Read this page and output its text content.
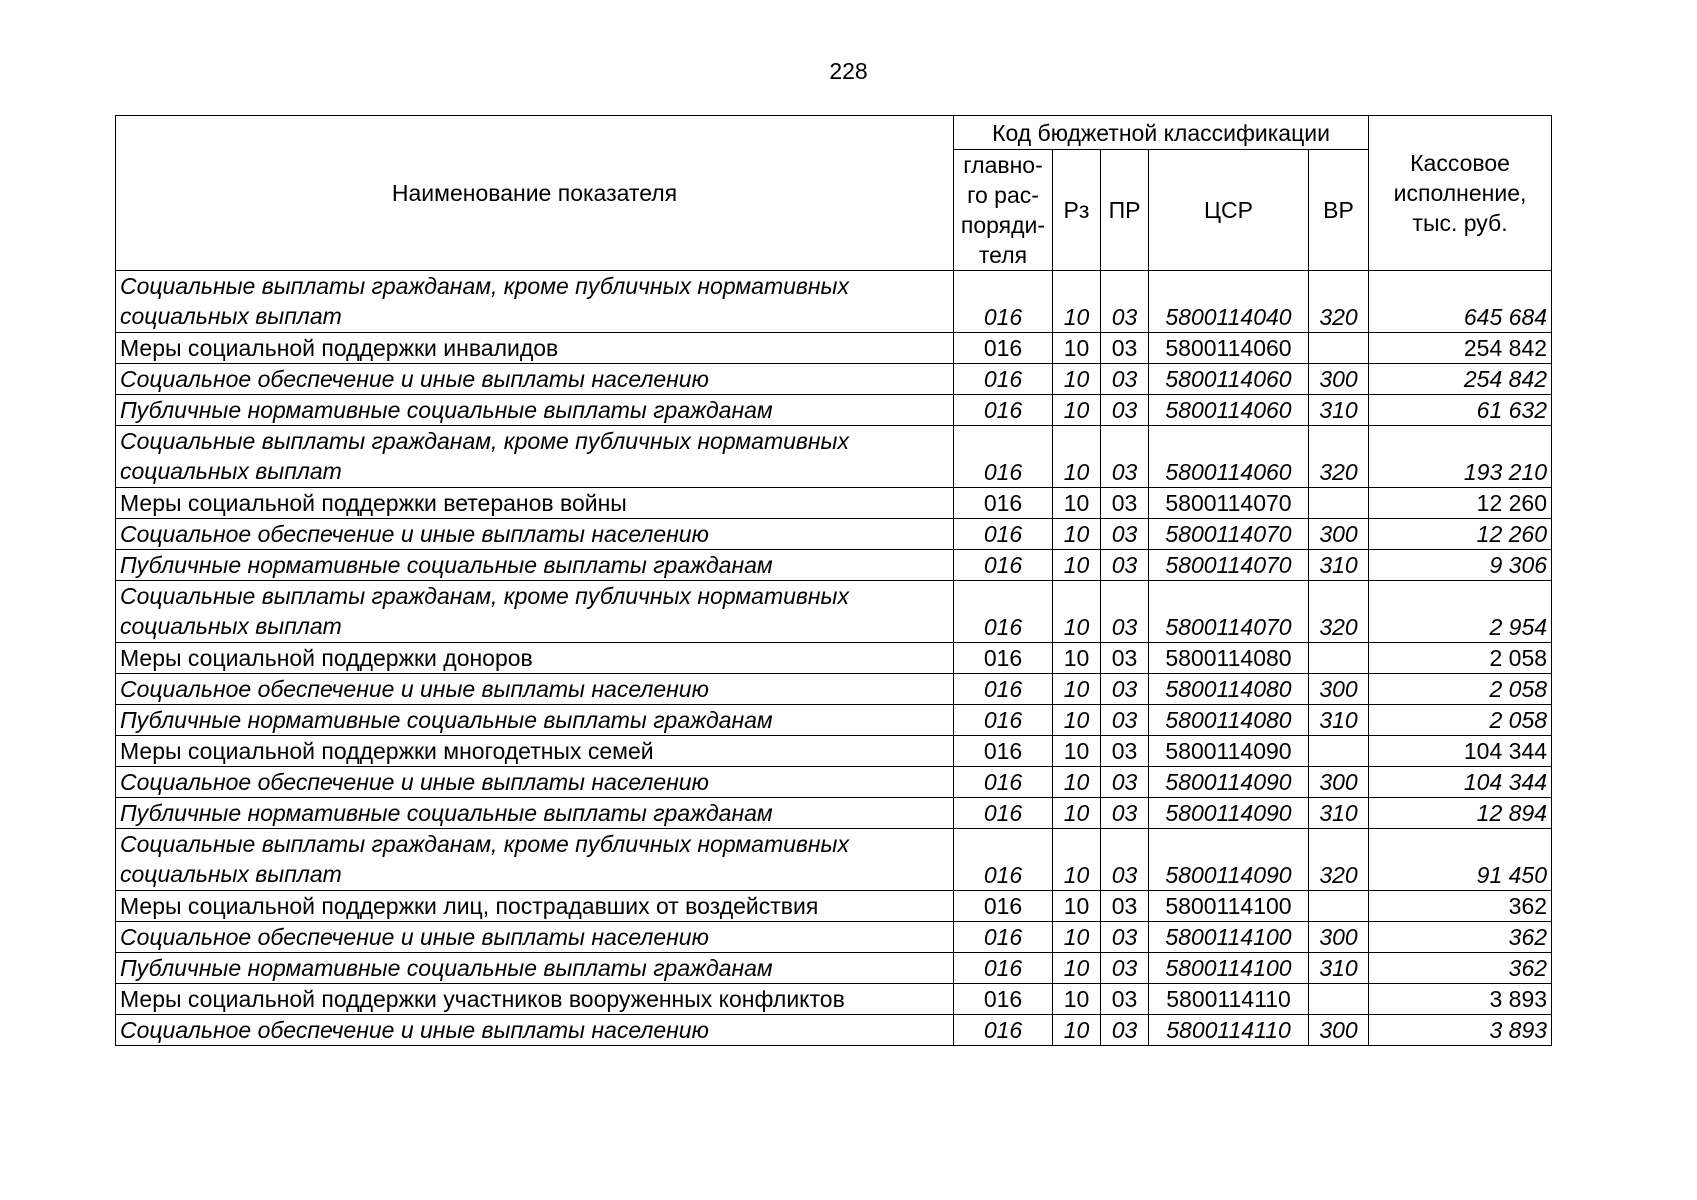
228
Наименование показателя	Код бюджетной классификации					Кассовое исполнение, тыс. руб.
	главно-го рас-поряди-теля	Рз	ПР	ЦСР	ВР	
Социальные выплаты гражданам, кроме публичных нормативных социальных выплат	016	10	03	5800114040	320	645 684
Меры социальной поддержки инвалидов	016	10	03	5800114060		254 842
Социальное обеспечение и иные выплаты населению	016	10	03	5800114060	300	254 842
Публичные нормативные социальные выплаты гражданам	016	10	03	5800114060	310	61 632
Социальные выплаты гражданам, кроме публичных нормативных социальных выплат	016	10	03	5800114060	320	193 210
Меры социальной поддержки ветеранов войны	016	10	03	5800114070		12 260
Социальное обеспечение и иные выплаты населению	016	10	03	5800114070	300	12 260
Публичные нормативные социальные выплаты гражданам	016	10	03	5800114070	310	9 306
Социальные выплаты гражданам, кроме публичных нормативных социальных выплат	016	10	03	5800114070	320	2 954
Меры социальной поддержки доноров	016	10	03	5800114080		2 058
Социальное обеспечение и иные выплаты населению	016	10	03	5800114080	300	2 058
Публичные нормативные социальные выплаты гражданам	016	10	03	5800114080	310	2 058
Меры социальной поддержки многодетных семей	016	10	03	5800114090		104 344
Социальное обеспечение и иные выплаты населению	016	10	03	5800114090	300	104 344
Публичные нормативные социальные выплаты гражданам	016	10	03	5800114090	310	12 894
Социальные выплаты гражданам, кроме публичных нормативных социальных выплат	016	10	03	5800114090	320	91 450
Меры социальной поддержки лиц, пострадавших от воздействия	016	10	03	5800114100		362
Социальное обеспечение и иные выплаты населению	016	10	03	5800114100	300	362
Публичные нормативные социальные выплаты гражданам	016	10	03	5800114100	310	362
Меры социальной поддержки участников вооруженных конфликтов	016	10	03	5800114110		3 893
Социальное обеспечение и иные выплаты населению	016	10	03	5800114110	300	3 893
